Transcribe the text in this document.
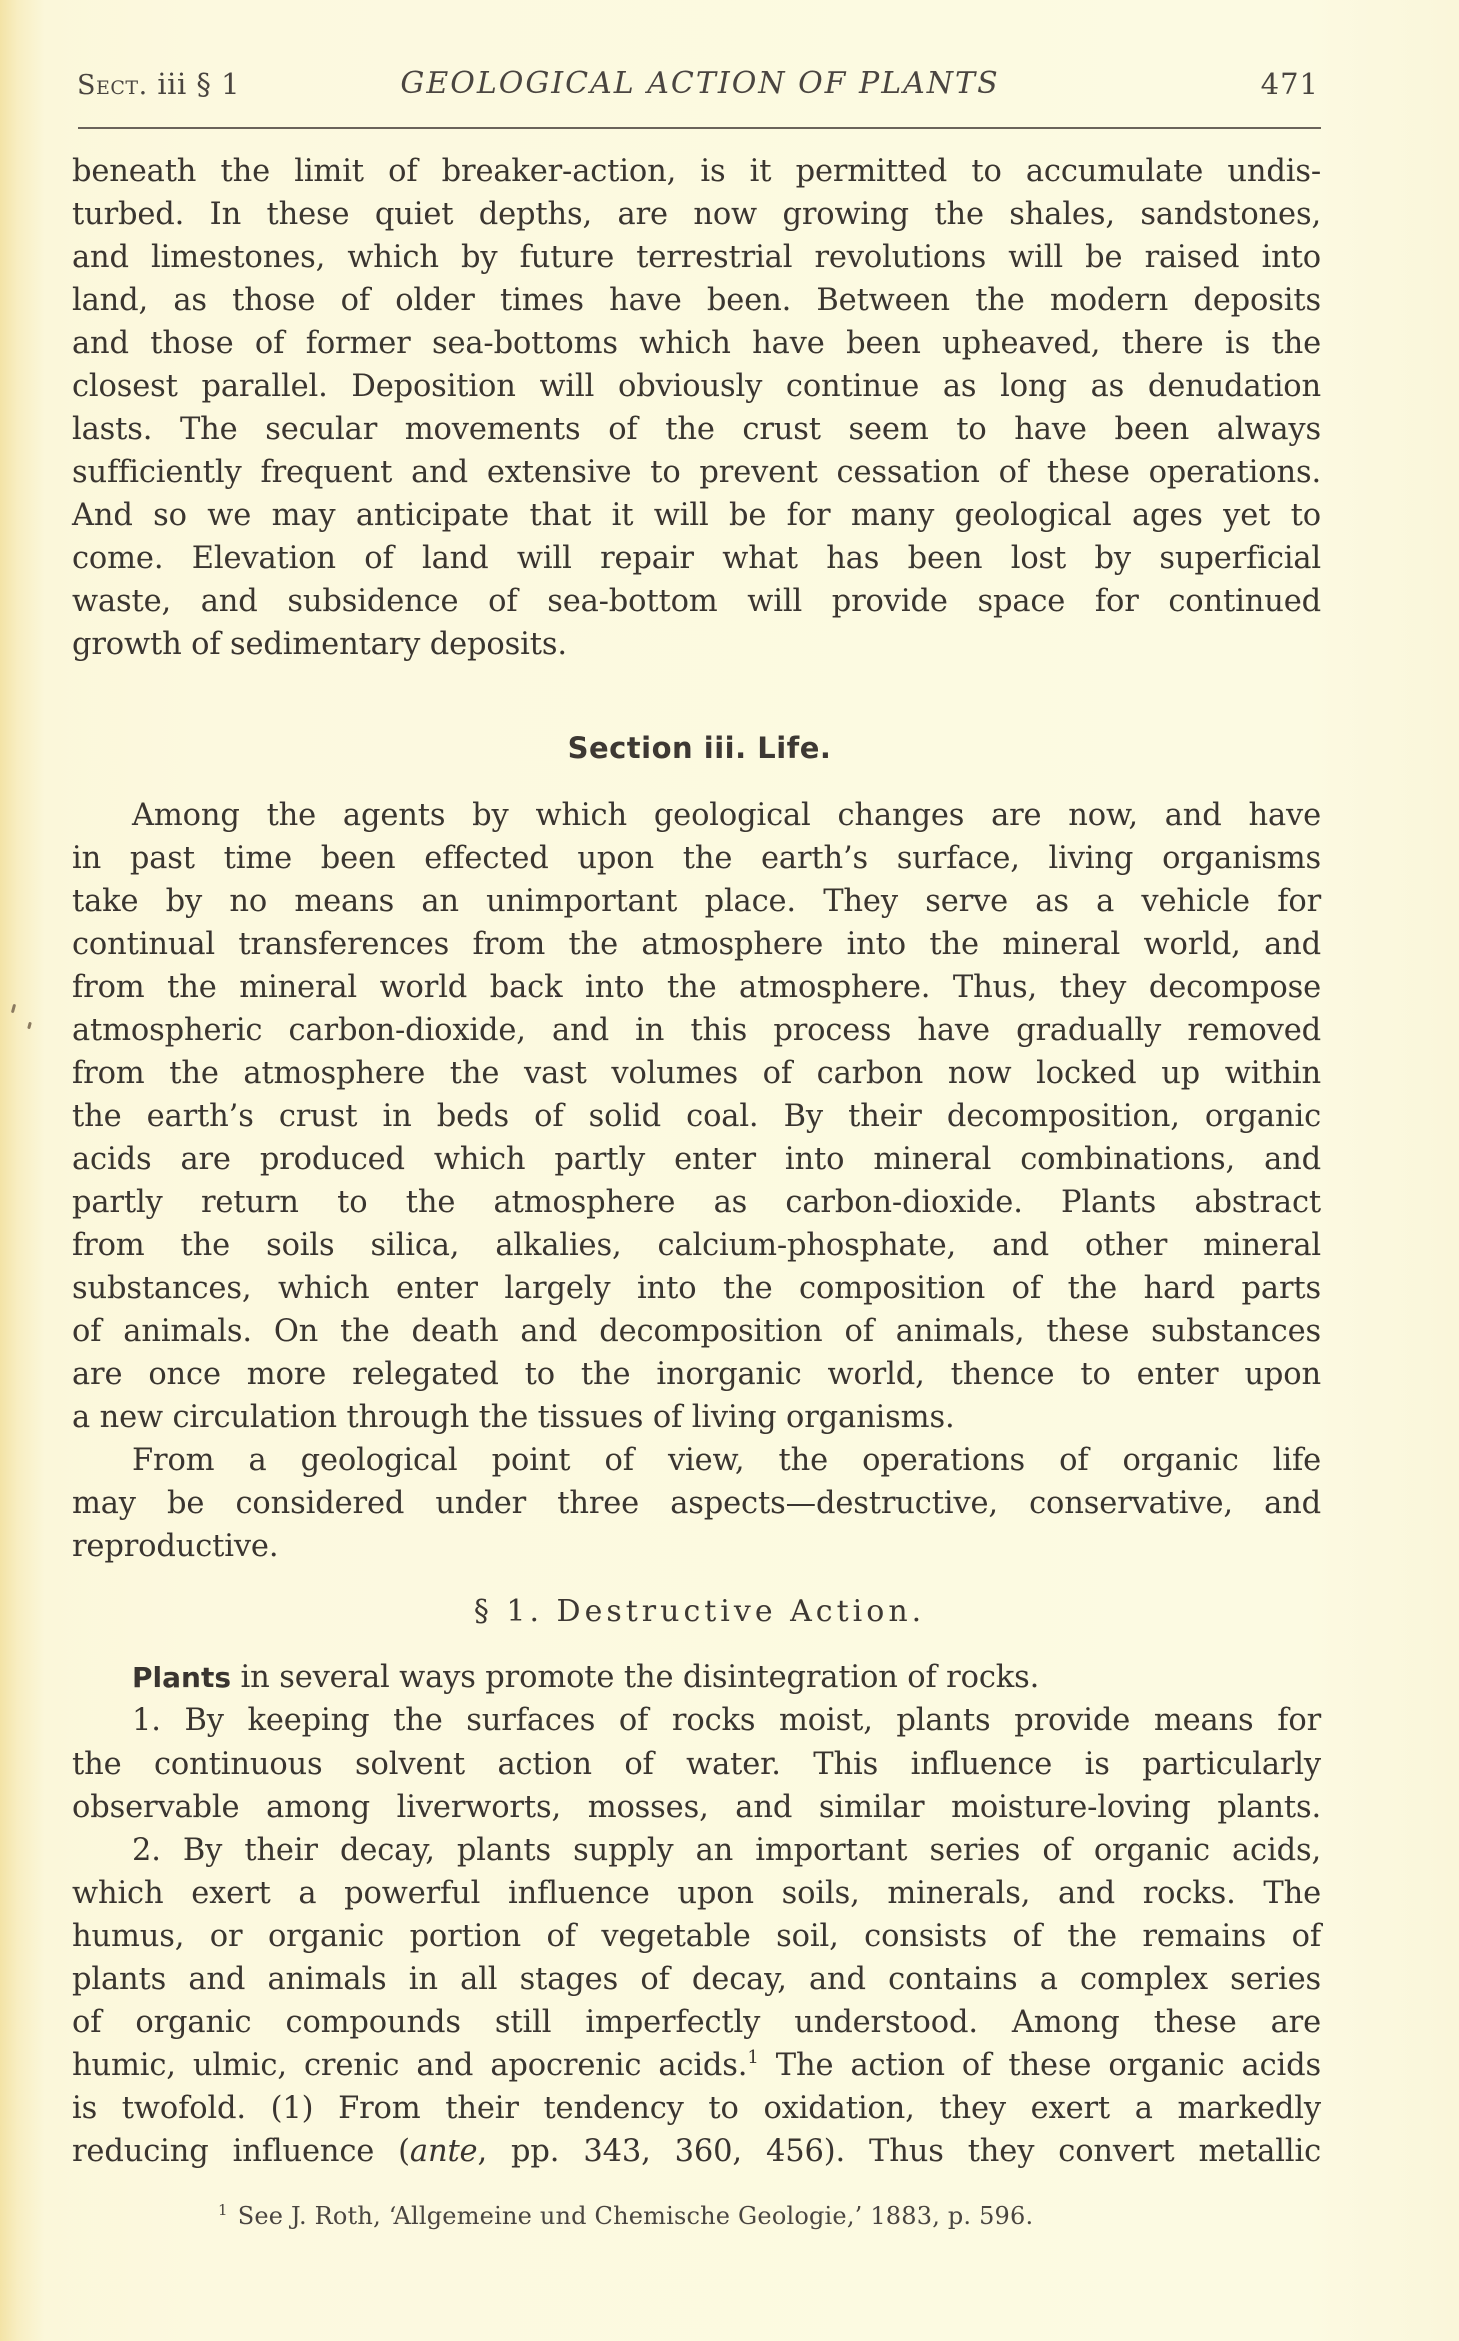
Sect. iii § 1	GEOLOGICAL ACTION OF PLANTS	471
beneath the limit of breaker-action, is it permitted to accumulate undis-
turbed. In these quiet depths, are now growing the shales, sandstones,
and limestones, which by future terrestrial revolutions will be raised into
land, as those of older times have been. Between the modern deposits
and those of former sea-bottoms which have been upheaved, there is the
closest parallel. Deposition will obviously continue as long as denudation
lasts. The secular movements of the crust seem to have been always
sufficiently frequent and extensive to prevent cessation of these operations.
And so we may anticipate that it will be for many geological ages yet to
come. Elevation of land will repair what has been lost by superficial
waste, and subsidence of sea-bottom will provide space for continued
growth of sedimentary deposits.
Section iii. Life.
Among the agents by which geological changes are now, and have
in past time been effected upon the earth’s surface, living organisms
take by no means an unimportant place. They serve as a vehicle for
continual transferences from the atmosphere into the mineral world, and
from the mineral world back into the atmosphere. Thus, they decompose
atmospheric carbon-dioxide, and in this process have gradually removed
from the atmosphere the vast volumes of carbon now locked up within
the earth’s crust in beds of solid coal. By their decomposition, organic
acids are produced which partly enter into mineral combinations, and
partly return to the atmosphere as carbon-dioxide. Plants abstract
from the soils silica, alkalies, calcium-phosphate, and other mineral
substances, which enter largely into the composition of the hard parts
of animals. On the death and decomposition of animals, these substances
are once more relegated to the inorganic world, thence to enter upon
a new circulation through the tissues of living organisms.
From a geological point of view, the operations of organic life
may be considered under three aspects—destructive, conservative, and
reproductive.
§ 1. Destructive Action.
Plants in several ways promote the disintegration of rocks.
1. By keeping the surfaces of rocks moist, plants provide means for
the continuous solvent action of water. This influence is particularly
observable among liverworts, mosses, and similar moisture-loving plants.
2. By their decay, plants supply an important series of organic acids,
which exert a powerful influence upon soils, minerals, and rocks. The
humus, or organic portion of vegetable soil, consists of the remains of
plants and animals in all stages of decay, and contains a complex series
of organic compounds still imperfectly understood. Among these are
humic, ulmic, crenic and apocrenic acids.$^1$ The action of these organic acids
is twofold. (1) From their tendency to oxidation, they exert a markedly
reducing influence (ante, pp. 343, 360, 456). Thus they convert metallic
$^1$ See J. Roth, ‘Allgemeine und Chemische Geologie,’ 1883, p. 596.
